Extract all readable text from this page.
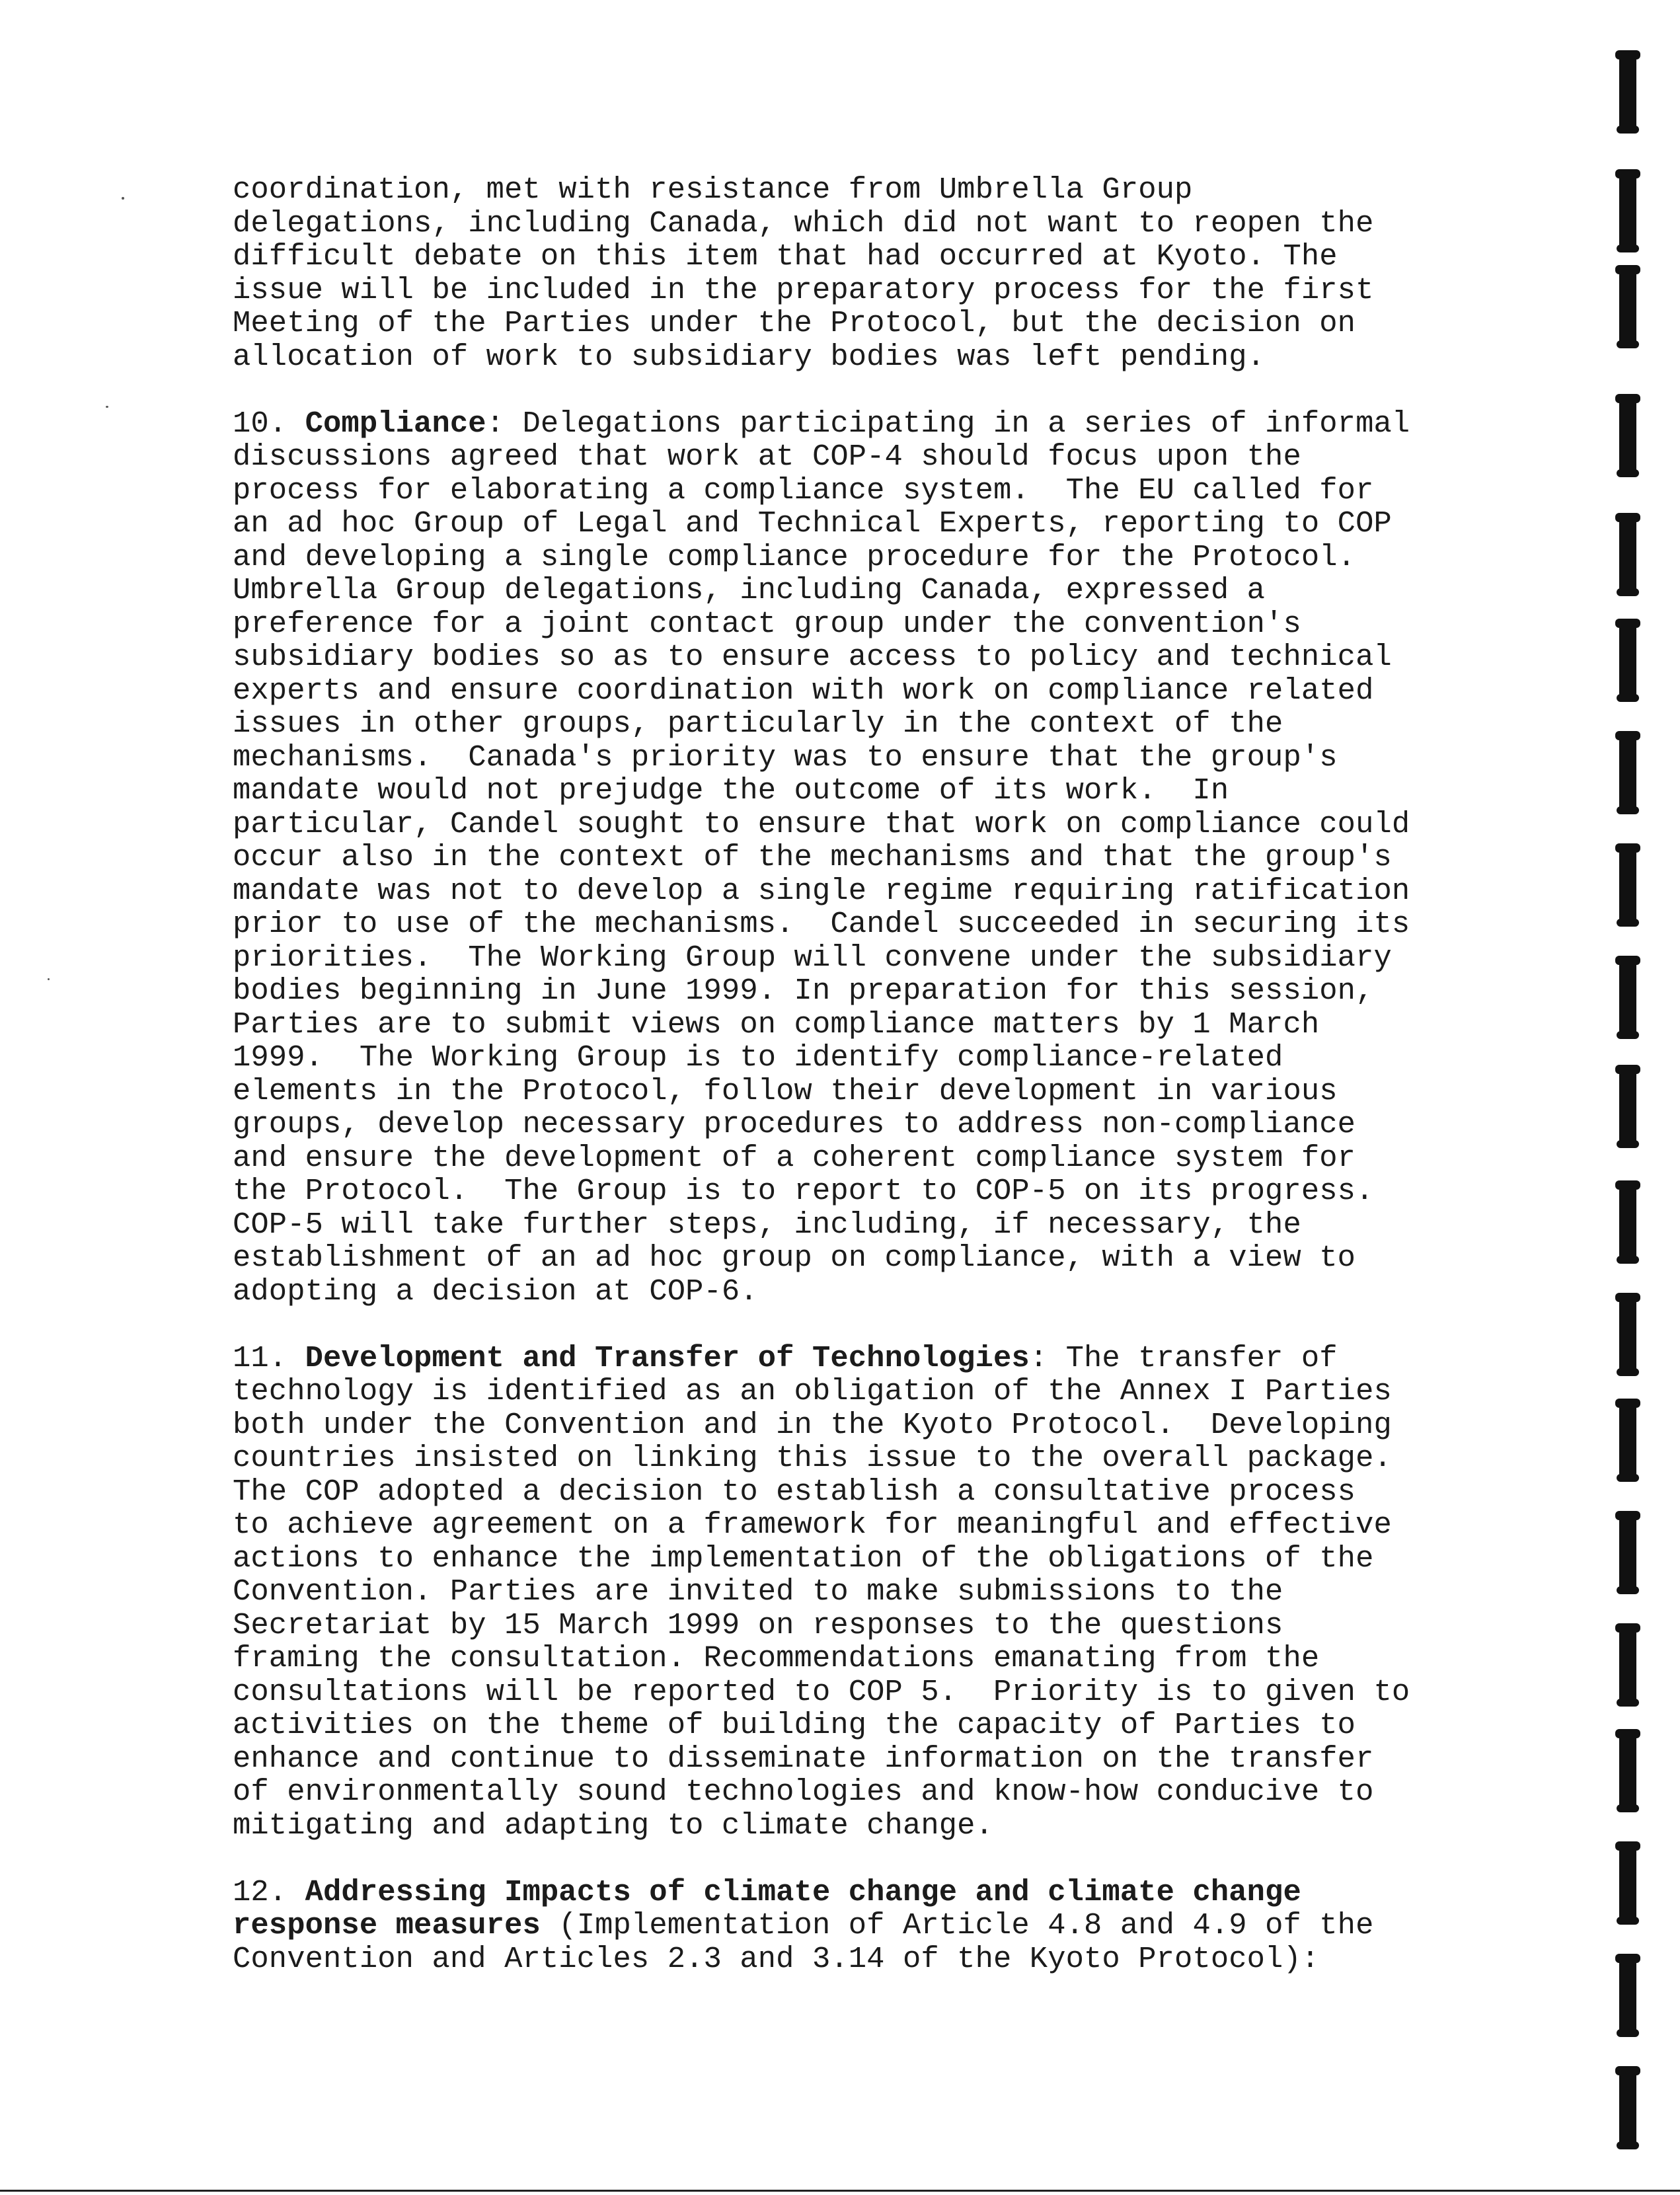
coordination, met with resistance from Umbrella Group
delegations, including Canada, which did not want to reopen the
difficult debate on this item that had occurred at Kyoto. The
issue will be included in the preparatory process for the first
Meeting of the Parties under the Protocol, but the decision on
allocation of work to subsidiary bodies was left pending.
10. Compliance: Delegations participating in a series of informal
discussions agreed that work at COP-4 should focus upon the
process for elaborating a compliance system.  The EU called for
an ad hoc Group of Legal and Technical Experts, reporting to COP
and developing a single compliance procedure for the Protocol.
Umbrella Group delegations, including Canada, expressed a
preference for a joint contact group under the convention's
subsidiary bodies so as to ensure access to policy and technical
experts and ensure coordination with work on compliance related
issues in other groups, particularly in the context of the
mechanisms.  Canada's priority was to ensure that the group's
mandate would not prejudge the outcome of its work.  In
particular, Candel sought to ensure that work on compliance could
occur also in the context of the mechanisms and that the group's
mandate was not to develop a single regime requiring ratification
prior to use of the mechanisms.  Candel succeeded in securing its
priorities.  The Working Group will convene under the subsidiary
bodies beginning in June 1999. In preparation for this session,
Parties are to submit views on compliance matters by 1 March
1999.  The Working Group is to identify compliance-related
elements in the Protocol, follow their development in various
groups, develop necessary procedures to address non-compliance
and ensure the development of a coherent compliance system for
the Protocol.  The Group is to report to COP-5 on its progress.
COP-5 will take further steps, including, if necessary, the
establishment of an ad hoc group on compliance, with a view to
adopting a decision at COP-6.
11. Development and Transfer of Technologies: The transfer of
technology is identified as an obligation of the Annex I Parties
both under the Convention and in the Kyoto Protocol.  Developing
countries insisted on linking this issue to the overall package.
The COP adopted a decision to establish a consultative process
to achieve agreement on a framework for meaningful and effective
actions to enhance the implementation of the obligations of the
Convention. Parties are invited to make submissions to the
Secretariat by 15 March 1999 on responses to the questions
framing the consultation. Recommendations emanating from the
consultations will be reported to COP 5.  Priority is to given to
activities on the theme of building the capacity of Parties to
enhance and continue to disseminate information on the transfer
of environmentally sound technologies and know-how conducive to
mitigating and adapting to climate change.
12. Addressing Impacts of climate change and climate change
response measures (Implementation of Article 4.8 and 4.9 of the
Convention and Articles 2.3 and 3.14 of the Kyoto Protocol):
